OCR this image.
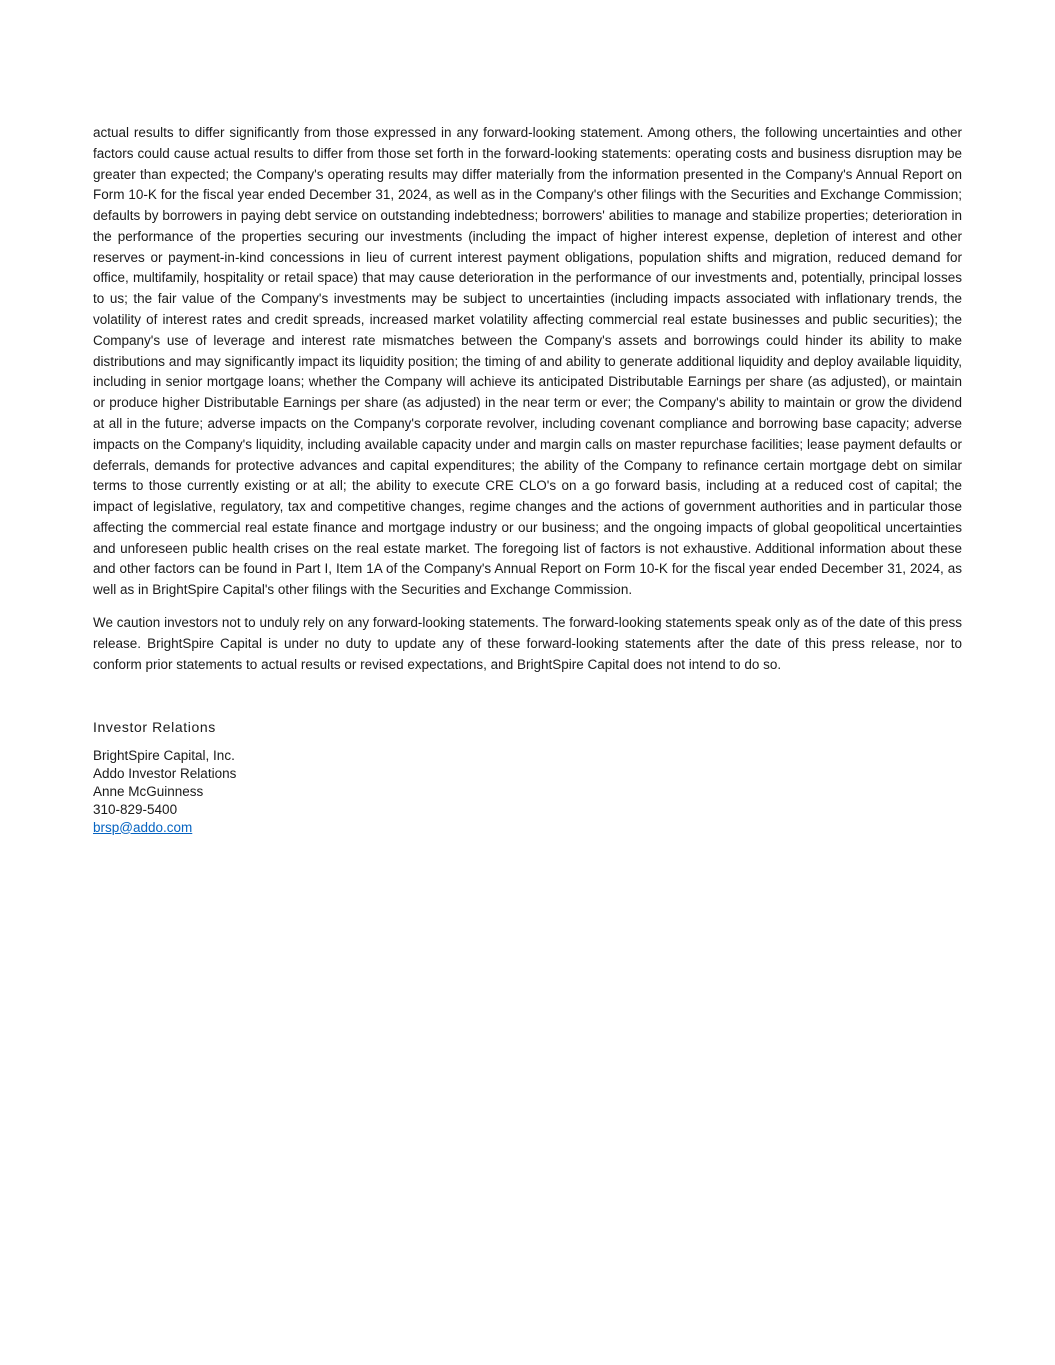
actual results to differ significantly from those expressed in any forward-looking statement. Among others, the following uncertainties and other factors could cause actual results to differ from those set forth in the forward-looking statements: operating costs and business disruption may be greater than expected; the Company's operating results may differ materially from the information presented in the Company's Annual Report on Form 10-K for the fiscal year ended December 31, 2024, as well as in the Company's other filings with the Securities and Exchange Commission; defaults by borrowers in paying debt service on outstanding indebtedness; borrowers' abilities to manage and stabilize properties; deterioration in the performance of the properties securing our investments (including the impact of higher interest expense, depletion of interest and other reserves or payment-in-kind concessions in lieu of current interest payment obligations, population shifts and migration, reduced demand for office, multifamily, hospitality or retail space) that may cause deterioration in the performance of our investments and, potentially, principal losses to us; the fair value of the Company's investments may be subject to uncertainties (including impacts associated with inflationary trends, the volatility of interest rates and credit spreads, increased market volatility affecting commercial real estate businesses and public securities); the Company's use of leverage and interest rate mismatches between the Company's assets and borrowings could hinder its ability to make distributions and may significantly impact its liquidity position; the timing of and ability to generate additional liquidity and deploy available liquidity, including in senior mortgage loans; whether the Company will achieve its anticipated Distributable Earnings per share (as adjusted), or maintain or produce higher Distributable Earnings per share (as adjusted) in the near term or ever; the Company's ability to maintain or grow the dividend at all in the future; adverse impacts on the Company's corporate revolver, including covenant compliance and borrowing base capacity; adverse impacts on the Company's liquidity, including available capacity under and margin calls on master repurchase facilities; lease payment defaults or deferrals, demands for protective advances and capital expenditures; the ability of the Company to refinance certain mortgage debt on similar terms to those currently existing or at all; the ability to execute CRE CLO's on a go forward basis, including at a reduced cost of capital; the impact of legislative, regulatory, tax and competitive changes, regime changes and the actions of government authorities and in particular those affecting the commercial real estate finance and mortgage industry or our business; and the ongoing impacts of global geopolitical uncertainties and unforeseen public health crises on the real estate market. The foregoing list of factors is not exhaustive. Additional information about these and other factors can be found in Part I, Item 1A of the Company's Annual Report on Form 10-K for the fiscal year ended December 31, 2024, as well as in BrightSpire Capital's other filings with the Securities and Exchange Commission.

We caution investors not to unduly rely on any forward-looking statements. The forward-looking statements speak only as of the date of this press release. BrightSpire Capital is under no duty to update any of these forward-looking statements after the date of this press release, nor to conform prior statements to actual results or revised expectations, and BrightSpire Capital does not intend to do so.

Investor Relations
BrightSpire Capital, Inc.
Addo Investor Relations
Anne McGuinness
310-829-5400
brsp@addo.com
